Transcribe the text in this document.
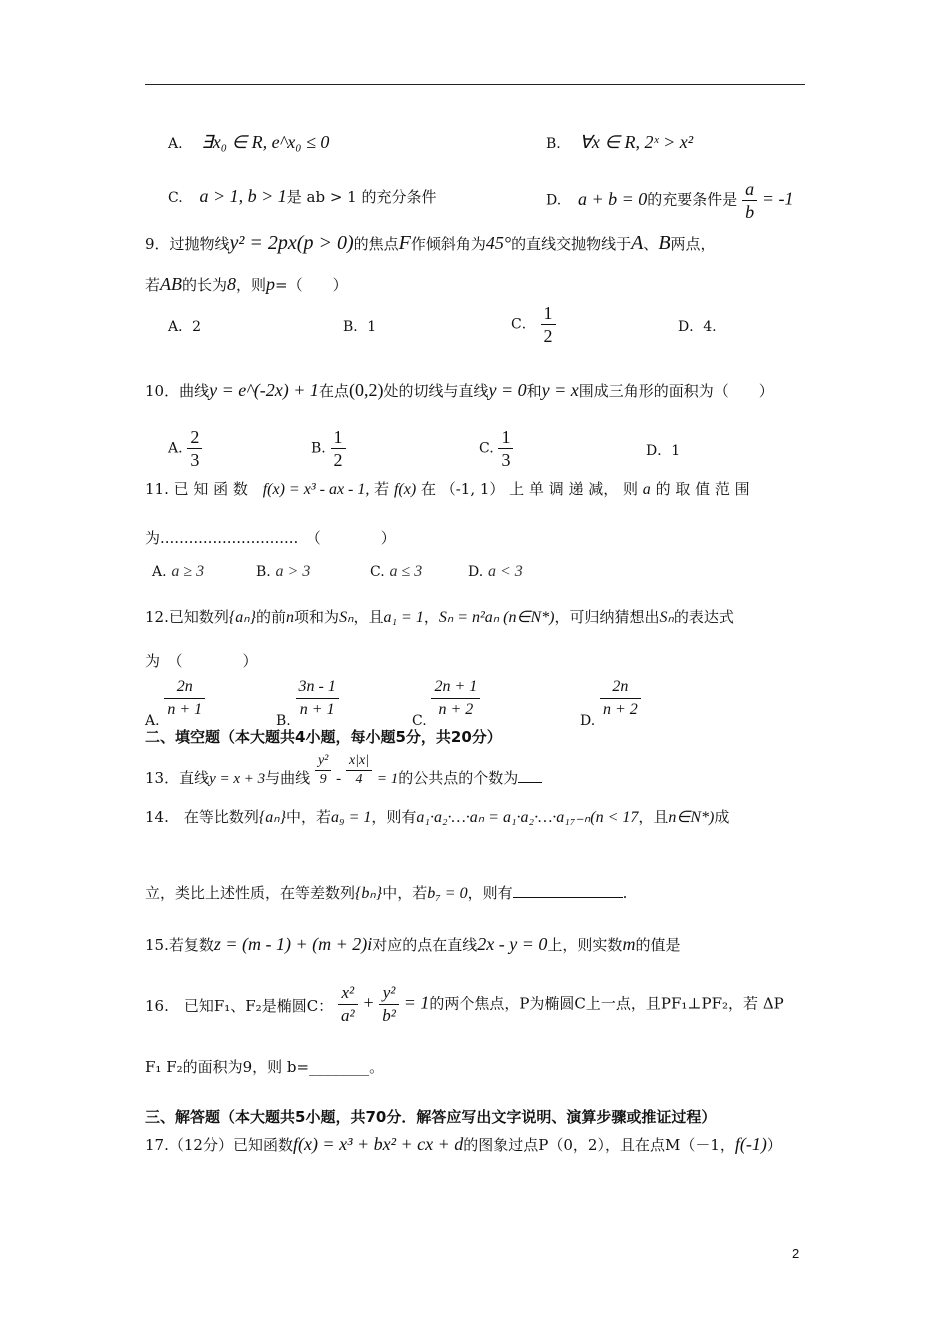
A. ∃x₀ ∈ R, e^x₀ ≤ 0	B. ∀x ∈ R, 2ˣ > x²
C. a > 1, b > 1是 ab > 1 的充分条件	D. a + b = 0的充要条件是 $\frac{a}{b} = -1$
9．过抛物线y² = 2px(p > 0)的焦点F作倾斜角为45°的直线交抛物线于A、B两点，
若AB的长为8，则p=（　　）
A．2	B．1	C． $\frac{1}{2}$	D．4.
10．曲线y = e^(-2x) + 1在点(0,2)处的切线与直线y = 0和y = x围成三角形的面积为（　　）
A. $\frac{2}{3}$	B. $\frac{1}{2}$	C. $\frac{1}{3}$	D．1
11. 已 知 函 数 f(x) = x³ - ax - 1, 若 f(x) 在 （-1, 1） 上 单 调 递 减， 则 a 的 取 值 范 围
为.............................　（　　　　）
A. a ≥ 3	B. a > 3	C. a ≤ 3	D. a < 3
12.已知数列{aₙ}的前n项和为Sₙ，且a₁ = 1，Sₙ = n²aₙ (n∈N*)，可归纳猜想出Sₙ的表达式
为　（　　　　）
A. $\frac{2n}{n + 1}$	B. $\frac{3n - 1}{n + 1}$	C. $\frac{2n + 1}{n + 2}$	D. $\frac{2n}{n + 2}$
二、填空题（本大题共4小题，每小题5分，共20分）
13．直线y = x + 3与曲线 $\frac{\text{y²}}{9} - \frac{x|x|}{4} = 1$的公共点的个数为
14.　在等比数列{aₙ}中，若a₉ = 1，则有a₁·a₂·…·aₙ = a₁·a₂·…·a₁₇₋ₙ(n < 17，且n∈N*)成
立，类比上述性质，在等差数列{bₙ}中，若b₇ = 0，则有	.
15.若复数z = (m - 1) + (m + 2)i对应的点在直线2x - y = 0上，则实数m的值是
16.　已知F₁、F₂是椭圆C： $\frac{\text{x²}}{\text{a²}} + \frac{\text{y²}}{\text{b²}} = 1$的两个焦点，P为椭圆C上一点，且PF₁⊥PF₂，若 ΔP
F₁ F₂的面积为9，则 b=________。
三、解答题（本大题共5小题，共70分．解答应写出文字说明、演算步骤或推证过程）
17.（12分）已知函数f(x) = x³ + bx² + cx + d的图象过点P（0，2），且在点M（－1，f(-1)）
2
